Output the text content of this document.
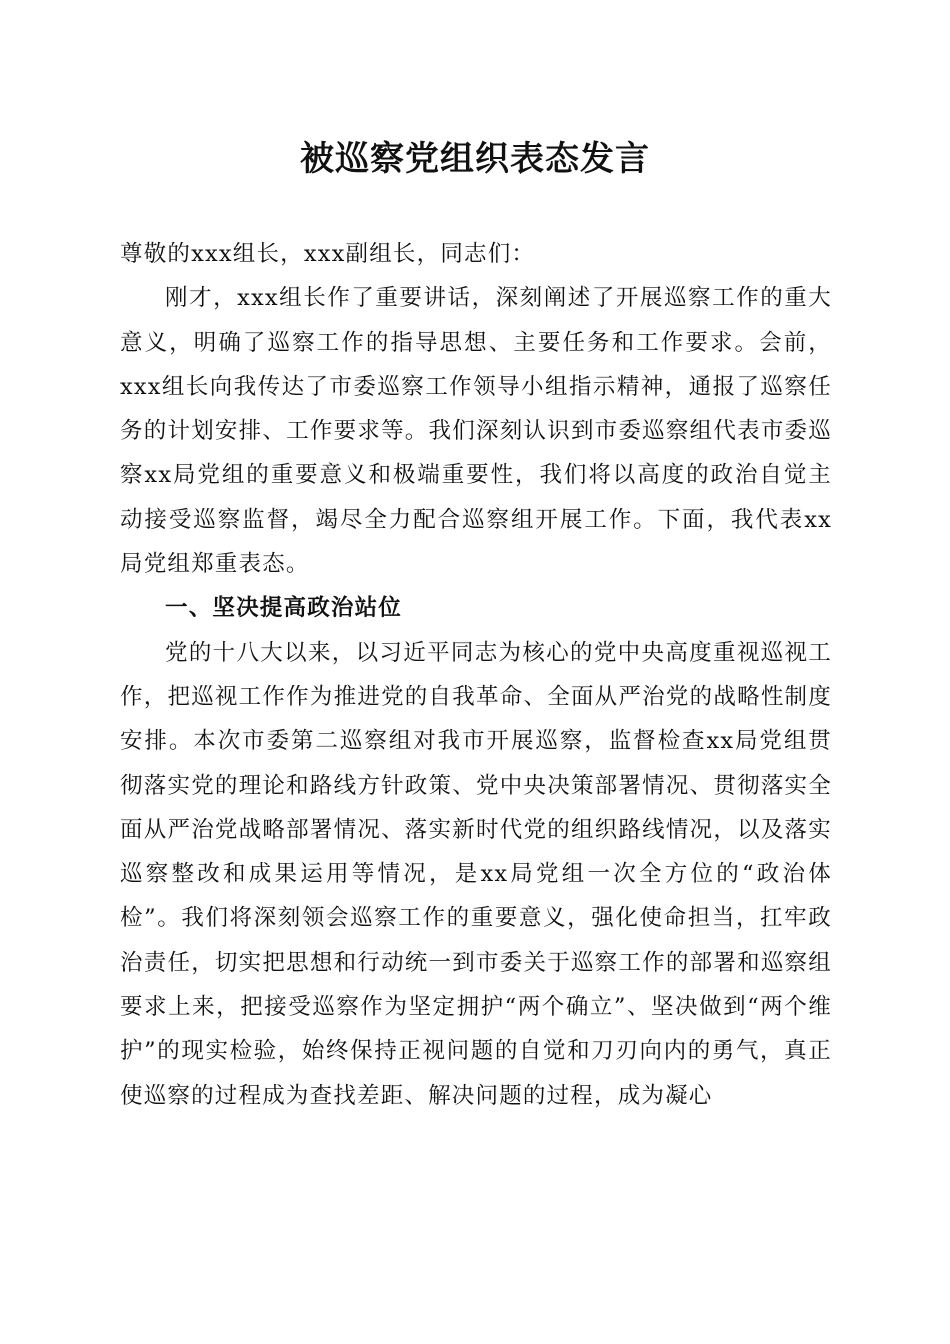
被巡察党组织表态发言

尊敬的xxx组长，xxx副组长，同志们：

刚才，xxx组长作了重要讲话，深刻阐述了开展巡察工作的重大意义，明确了巡察工作的指导思想、主要任务和工作要求。会前，xxx组长向我传达了市委巡察工作领导小组指示精神，通报了巡察任务的计划安排、工作要求等。我们深刻认识到市委巡察组代表市委巡察xx局党组的重要意义和极端重要性，我们将以高度的政治自觉主动接受巡察监督，竭尽全力配合巡察组开展工作。下面，我代表xx局党组郑重表态。

一、坚决提高政治站位

党的十八大以来，以习近平同志为核心的党中央高度重视巡视工作，把巡视工作作为推进党的自我革命、全面从严治党的战略性制度安排。本次市委第二巡察组对我市开展巡察，监督检查xx局党组贯彻落实党的理论和路线方针政策、党中央决策部署情况、贯彻落实全面从严治党战略部署情况、落实新时代党的组织路线情况，以及落实巡察整改和成果运用等情况，是xx局党组一次全方位的“政治体检”。我们将深刻领会巡察工作的重要意义，强化使命担当，扛牢政治责任，切实把思想和行动统一到市委关于巡察工作的部署和巡察组要求上来，把接受巡察作为坚定拥护“两个确立”、坚决做到“两个维护”的现实检验，始终保持正视问题的自觉和刀刃向内的勇气，真正使巡察的过程成为查找差距、解决问题的过程，成为凝心
